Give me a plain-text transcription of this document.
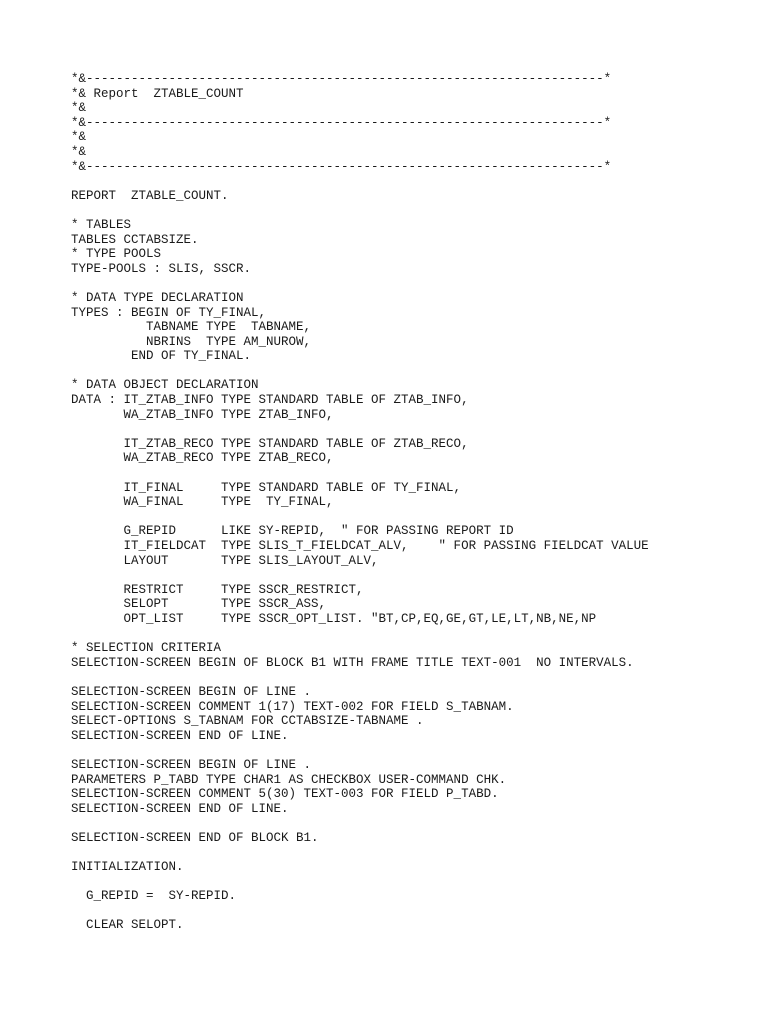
*&---------------------------------------------------------------------*
*& Report  ZTABLE_COUNT
*&
*&---------------------------------------------------------------------*
*&
*&
*&---------------------------------------------------------------------*
REPORT  ZTABLE_COUNT.
* TABLES
TABLES CCTABSIZE.
* TYPE POOLS
TYPE-POOLS : SLIS, SSCR.
* DATA TYPE DECLARATION
TYPES : BEGIN OF TY_FINAL,
TABNAME TYPE  TABNAME,
NBRINS  TYPE AM_NUROW,
END OF TY_FINAL.
* DATA OBJECT DECLARATION
DATA : IT_ZTAB_INFO TYPE STANDARD TABLE OF ZTAB_INFO,
WA_ZTAB_INFO TYPE ZTAB_INFO,
IT_ZTAB_RECO TYPE STANDARD TABLE OF ZTAB_RECO,
WA_ZTAB_RECO TYPE ZTAB_RECO,
IT_FINAL     TYPE STANDARD TABLE OF TY_FINAL,
WA_FINAL     TYPE  TY_FINAL,
G_REPID      LIKE SY-REPID,  " FOR PASSING REPORT ID
IT_FIELDCAT  TYPE SLIS_T_FIELDCAT_ALV,    " FOR PASSING FIELDCAT VALUE
LAYOUT       TYPE SLIS_LAYOUT_ALV,
RESTRICT     TYPE SSCR_RESTRICT,
SELOPT       TYPE SSCR_ASS,
OPT_LIST     TYPE SSCR_OPT_LIST. "BT,CP,EQ,GE,GT,LE,LT,NB,NE,NP
* SELECTION CRITERIA
SELECTION-SCREEN BEGIN OF BLOCK B1 WITH FRAME TITLE TEXT-001  NO INTERVALS.
SELECTION-SCREEN BEGIN OF LINE .
SELECTION-SCREEN COMMENT 1(17) TEXT-002 FOR FIELD S_TABNAM.
SELECT-OPTIONS S_TABNAM FOR CCTABSIZE-TABNAME .
SELECTION-SCREEN END OF LINE.
SELECTION-SCREEN BEGIN OF LINE .
PARAMETERS P_TABD TYPE CHAR1 AS CHECKBOX USER-COMMAND CHK.
SELECTION-SCREEN COMMENT 5(30) TEXT-003 FOR FIELD P_TABD.
SELECTION-SCREEN END OF LINE.
SELECTION-SCREEN END OF BLOCK B1.
INITIALIZATION.
G_REPID =  SY-REPID.
CLEAR SELOPT.
